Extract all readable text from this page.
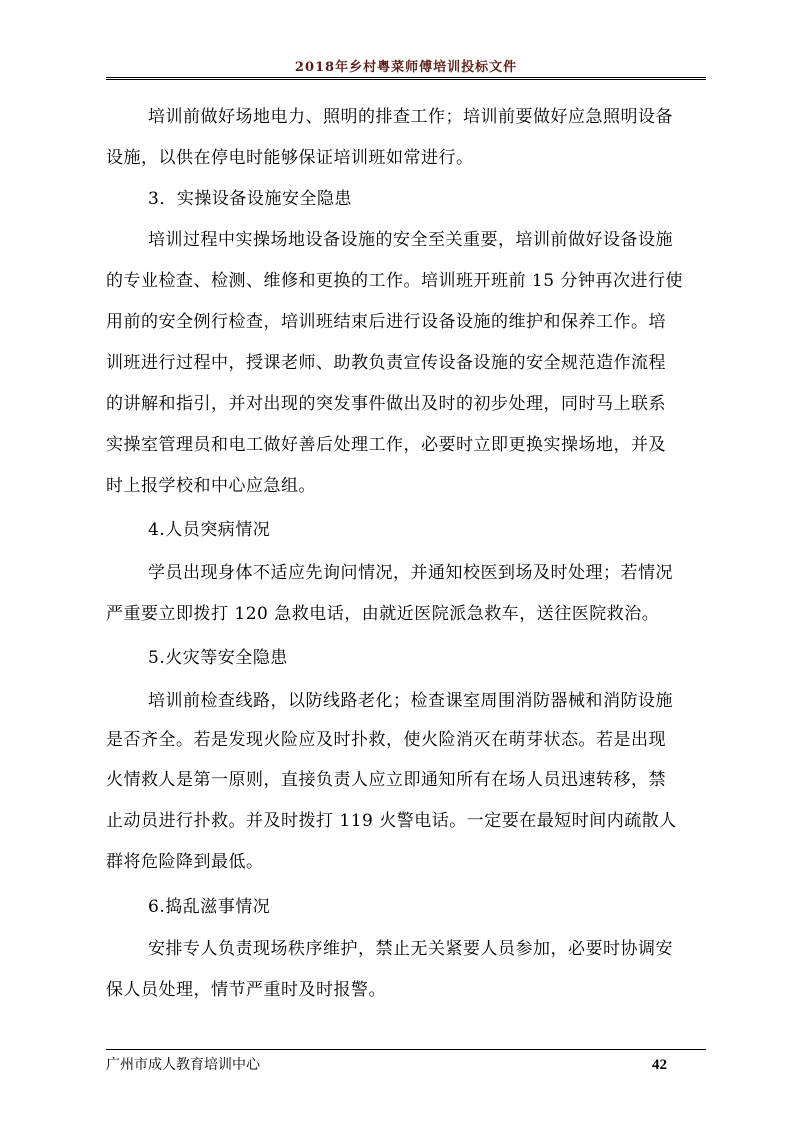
2018年乡村粤菜师傅培训投标文件
培训前做好场地电力、照明的排查工作；培训前要做好应急照明设备
设施，以供在停电时能够保证培训班如常进行。
3．实操设备设施安全隐患
培训过程中实操场地设备设施的安全至关重要，培训前做好设备设施
的专业检查、检测、维修和更换的工作。培训班开班前 15 分钟再次进行使
用前的安全例行检查，培训班结束后进行设备设施的维护和保养工作。培
训班进行过程中，授课老师、助教负责宣传设备设施的安全规范造作流程
的讲解和指引，并对出现的突发事件做出及时的初步处理，同时马上联系
实操室管理员和电工做好善后处理工作，必要时立即更换实操场地，并及
时上报学校和中心应急组。
4.人员突病情况
学员出现身体不适应先询问情况，并通知校医到场及时处理；若情况
严重要立即拨打 120 急救电话，由就近医院派急救车，送往医院救治。
5.火灾等安全隐患
培训前检查线路，以防线路老化；检查课室周围消防器械和消防设施
是否齐全。若是发现火险应及时扑救，使火险消灭在萌芽状态。若是出现
火情救人是第一原则，直接负责人应立即通知所有在场人员迅速转移，禁
止动员进行扑救。并及时拨打 119 火警电话。一定要在最短时间内疏散人
群将危险降到最低。
6.捣乱滋事情况
安排专人负责现场秩序维护，禁止无关紧要人员参加，必要时协调安
保人员处理，情节严重时及时报警。
广州市成人教育培训中心	42
